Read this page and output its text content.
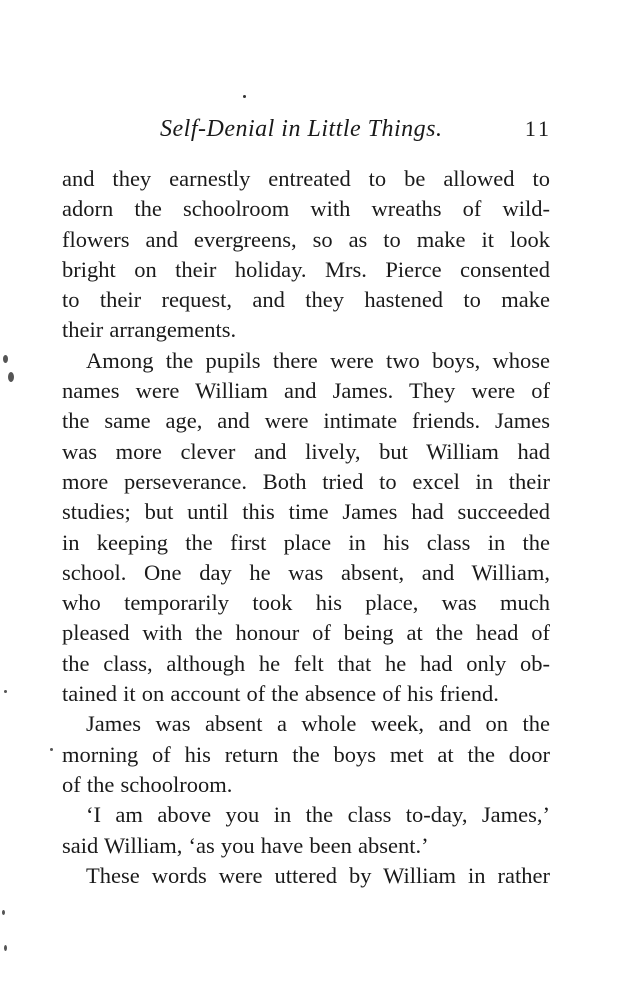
Self-Denial in Little Things.	11
and they earnestly entreated to be allowed to
adorn the schoolroom with wreaths of wild-
flowers and evergreens, so as to make it look
bright on their holiday. Mrs. Pierce consented
to their request, and they hastened to make
their arrangements.
Among the pupils there were two boys, whose
names were William and James. They were of
the same age, and were intimate friends. James
was more clever and lively, but William had
more perseverance. Both tried to excel in their
studies; but until this time James had succeeded
in keeping the first place in his class in the
school. One day he was absent, and William,
who temporarily took his place, was much
pleased with the honour of being at the head of
the class, although he felt that he had only ob-
tained it on account of the absence of his friend.
James was absent a whole week, and on the
morning of his return the boys met at the door
of the schoolroom.
‘I am above you in the class to-day, James,’
said William, ‘as you have been absent.’
These words were uttered by William in rather
